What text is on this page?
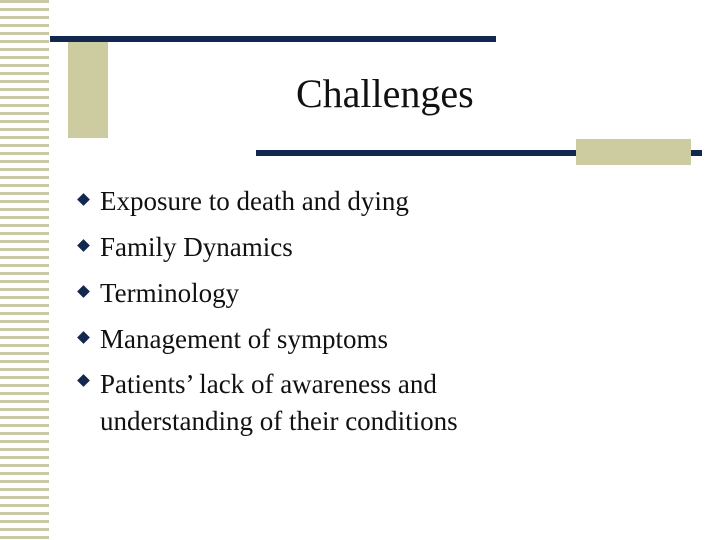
Challenges
Exposure to death and dying
Family Dynamics
Terminology
Management of symptoms
Patients’ lack of awareness and
understanding of their conditions
